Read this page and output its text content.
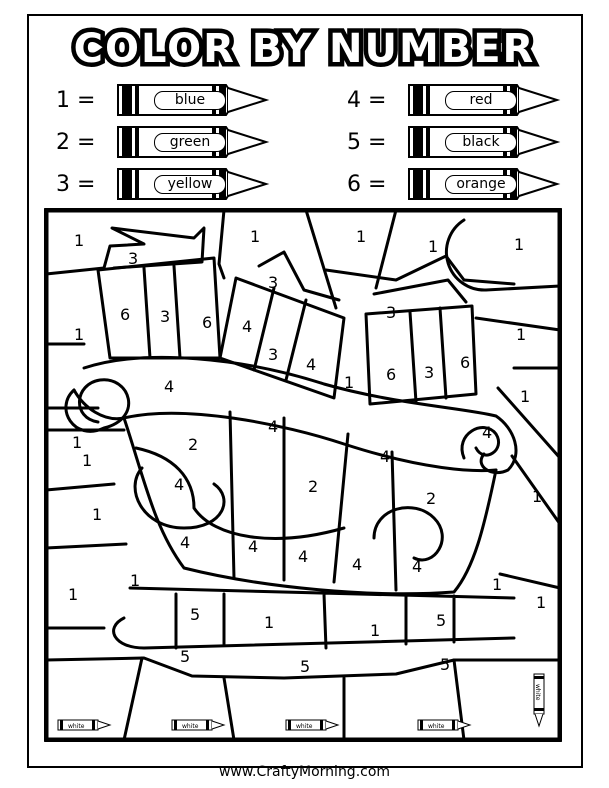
COLOR BY NUMBER
1 =	blue
2 =	green
3 =	yellow
4 =	red
5 =	black
6 =	orange
1
3
1	1
1	1
6 3 6
3
4
3
4
1
3
1
6 3
6
1
4
1
4
2
4
4
1
2
4
2	1
1
4	4
4	4	4
1
1	1
1
5	1	1
5
5
5	5
1
white	white	white	white
white
www.CraftyMorning.com
